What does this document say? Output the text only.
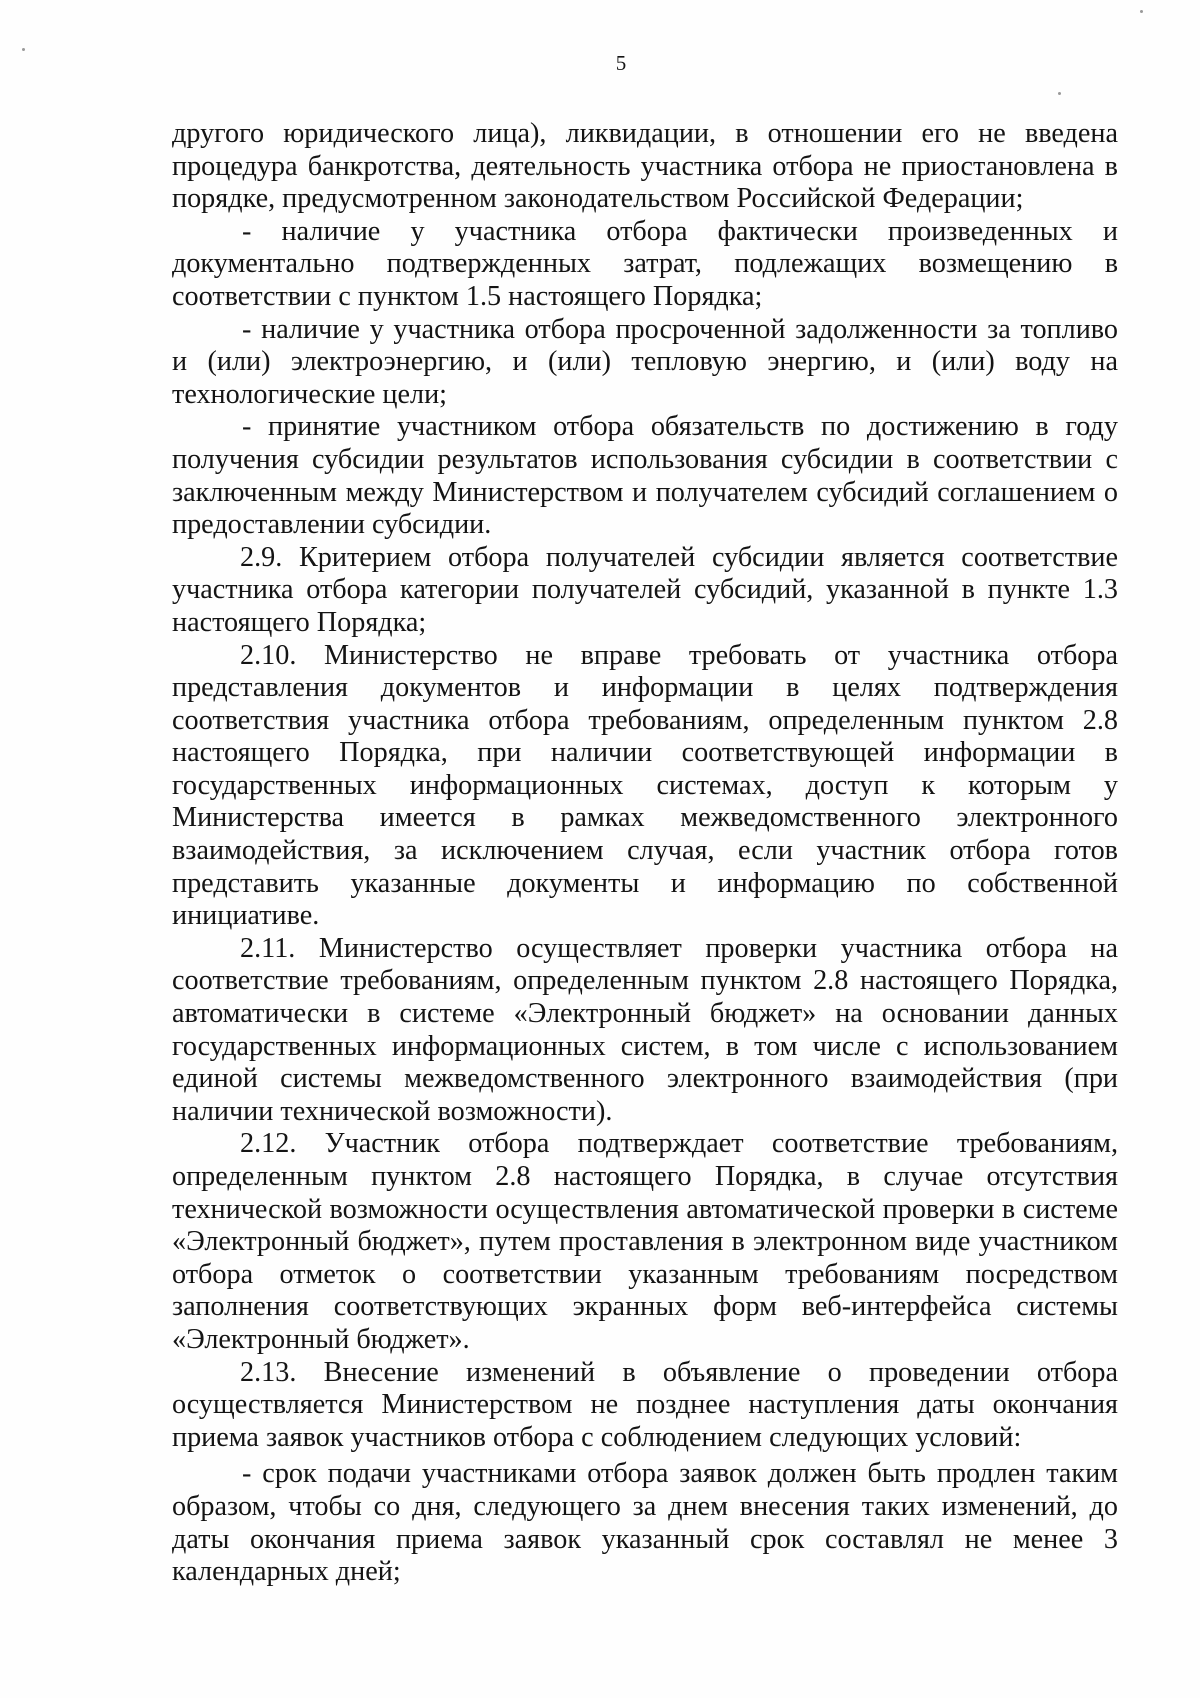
5

другого юридического лица), ликвидации, в отношении его не введена процедура банкротства, деятельность участника отбора не приостановлена в порядке, предусмотренном законодательством Российской Федерации;

- наличие у участника отбора фактически произведенных и документально подтвержденных затрат, подлежащих возмещению в соответствии с пунктом 1.5 настоящего Порядка;

- наличие у участника отбора просроченной задолженности за топливо и (или) электроэнергию, и (или) тепловую энергию, и (или) воду на технологические цели;

- принятие участником отбора обязательств по достижению в году получения субсидии результатов использования субсидии в соответствии с заключенным между Министерством и получателем субсидий соглашением о предоставлении субсидии.

2.9. Критерием отбора получателей субсидии является соответствие участника отбора категории получателей субсидий, указанной в пункте 1.3 настоящего Порядка;

2.10. Министерство не вправе требовать от участника отбора представления документов и информации в целях подтверждения соответствия участника отбора требованиям, определенным пунктом 2.8 настоящего Порядка, при наличии соответствующей информации в государственных информационных системах, доступ к которым у Министерства имеется в рамках межведомственного электронного взаимодействия, за исключением случая, если участник отбора готов представить указанные документы и информацию по собственной инициативе.

2.11. Министерство осуществляет проверки участника отбора на соответствие требованиям, определенным пунктом 2.8 настоящего Порядка, автоматически в системе «Электронный бюджет» на основании данных государственных информационных систем, в том числе с использованием единой системы межведомственного электронного взаимодействия (при наличии технической возможности).

2.12. Участник отбора подтверждает соответствие требованиям, определенным пунктом 2.8 настоящего Порядка, в случае отсутствия технической возможности осуществления автоматической проверки в системе «Электронный бюджет», путем проставления в электронном виде участником отбора отметок о соответствии указанным требованиям посредством заполнения соответствующих экранных форм веб-интерфейса системы «Электронный бюджет».

2.13. Внесение изменений в объявление о проведении отбора осуществляется Министерством не позднее наступления даты окончания приема заявок участников отбора с соблюдением следующих условий:

- срок подачи участниками отбора заявок должен быть продлен таким образом, чтобы со дня, следующего за днем внесения таких изменений, до даты окончания приема заявок указанный срок составлял не менее 3 календарных дней;
